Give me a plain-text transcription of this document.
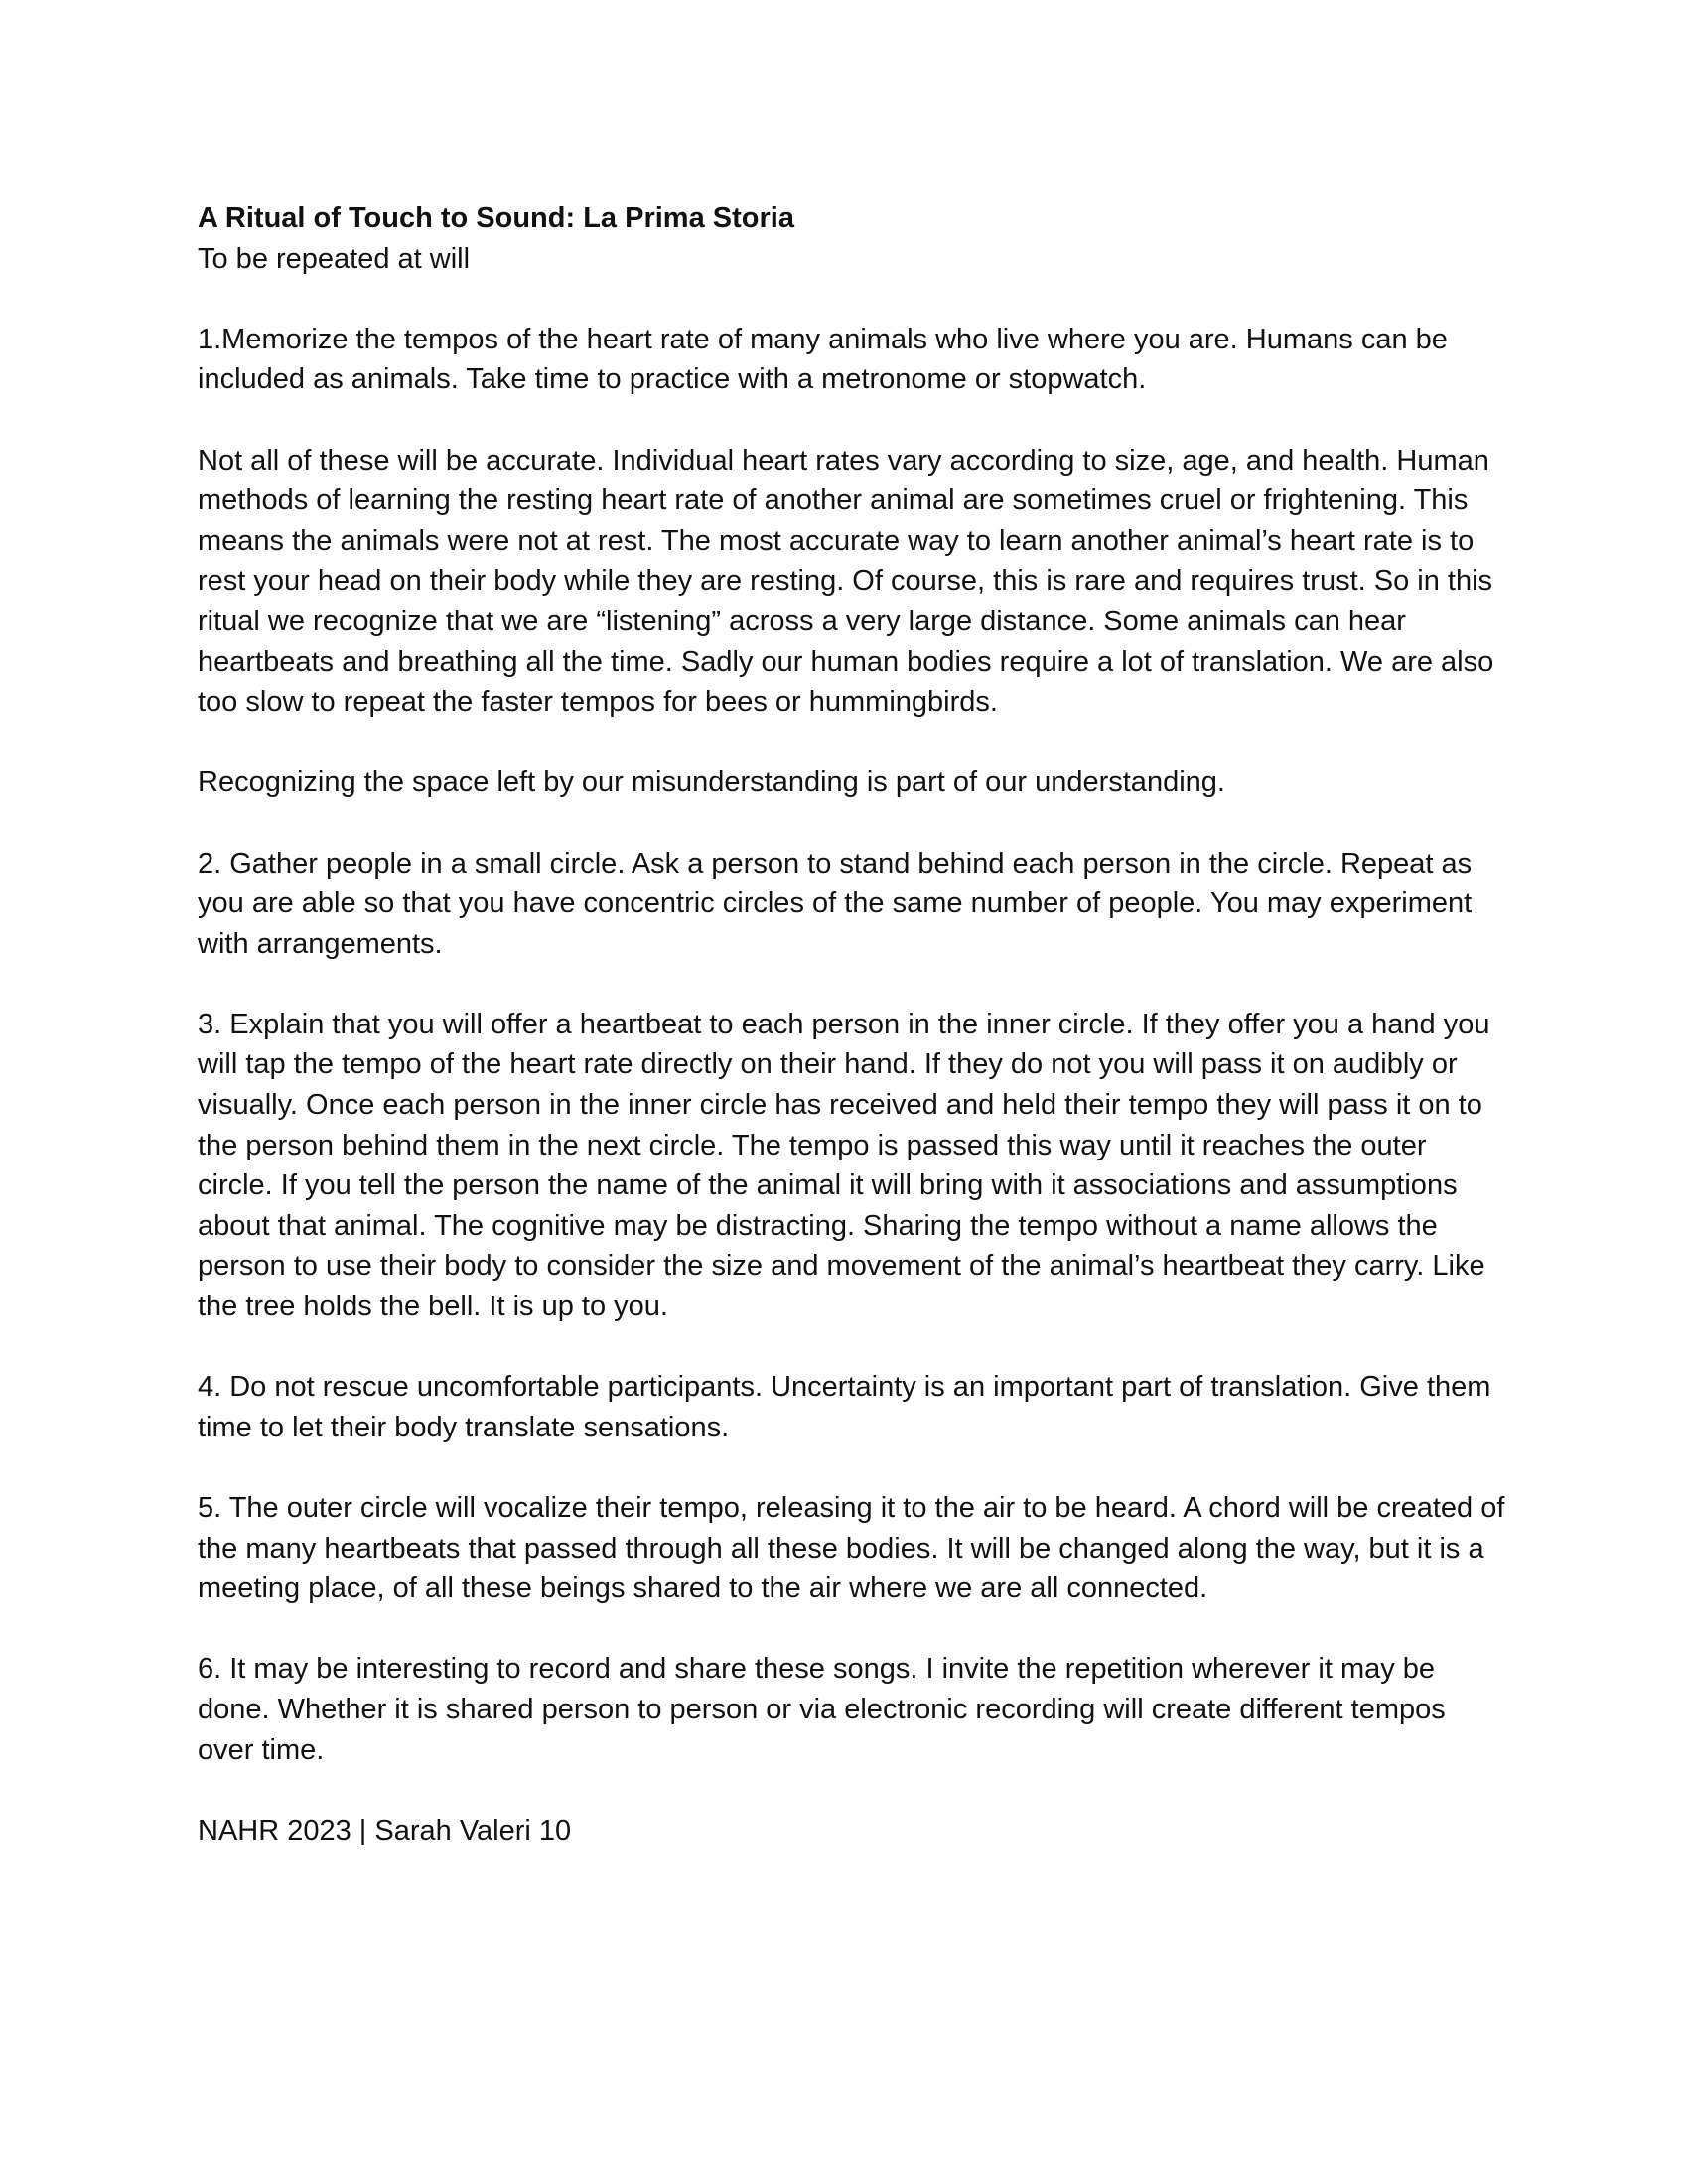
A Ritual of Touch to Sound: La Prima Storia

To be repeated at will

1.Memorize the tempos of the heart rate of many animals who live where you are. Humans can be included as animals. Take time to practice with a metronome or stopwatch.

Not all of these will be accurate. Individual heart rates vary according to size, age, and health. Human methods of learning the resting heart rate of another animal are sometimes cruel or frightening. This means the animals were not at rest. The most accurate way to learn another animal’s heart rate is to rest your head on their body while they are resting. Of course, this is rare and requires trust. So in this ritual we recognize that we are “listening” across a very large distance. Some animals can hear heartbeats and breathing all the time. Sadly our human bodies require a lot of translation. We are also too slow to repeat the faster tempos for bees or hummingbirds.

Recognizing the space left by our misunderstanding is part of our understanding.

2. Gather people in a small circle. Ask a person to stand behind each person in the circle. Repeat as you are able so that you have concentric circles of the same number of people. You may experiment with arrangements.

3. Explain that you will offer a heartbeat to each person in the inner circle. If they offer you a hand you will tap the tempo of the heart rate directly on their hand. If they do not you will pass it on audibly or visually. Once each person in the inner circle has received and held their tempo they will pass it on to the person behind them in the next circle. The tempo is passed this way until it reaches the outer circle. If you tell the person the name of the animal it will bring with it associations and assumptions about that animal. The cognitive may be distracting. Sharing the tempo without a name allows the person to use their body to consider the size and movement of the animal’s heartbeat they carry. Like the tree holds the bell. It is up to you.

4. Do not rescue uncomfortable participants. Uncertainty is an important part of translation. Give them time to let their body translate sensations.

5. The outer circle will vocalize their tempo, releasing it to the air to be heard. A chord will be created of the many heartbeats that passed through all these bodies. It will be changed along the way, but it is a meeting place, of all these beings shared to the air where we are all connected.

6. It may be interesting to record and share these songs. I invite the repetition wherever it may be done. Whether it is shared person to person or via electronic recording will create different tempos over time.

NAHR 2023 | Sarah Valeri 10
